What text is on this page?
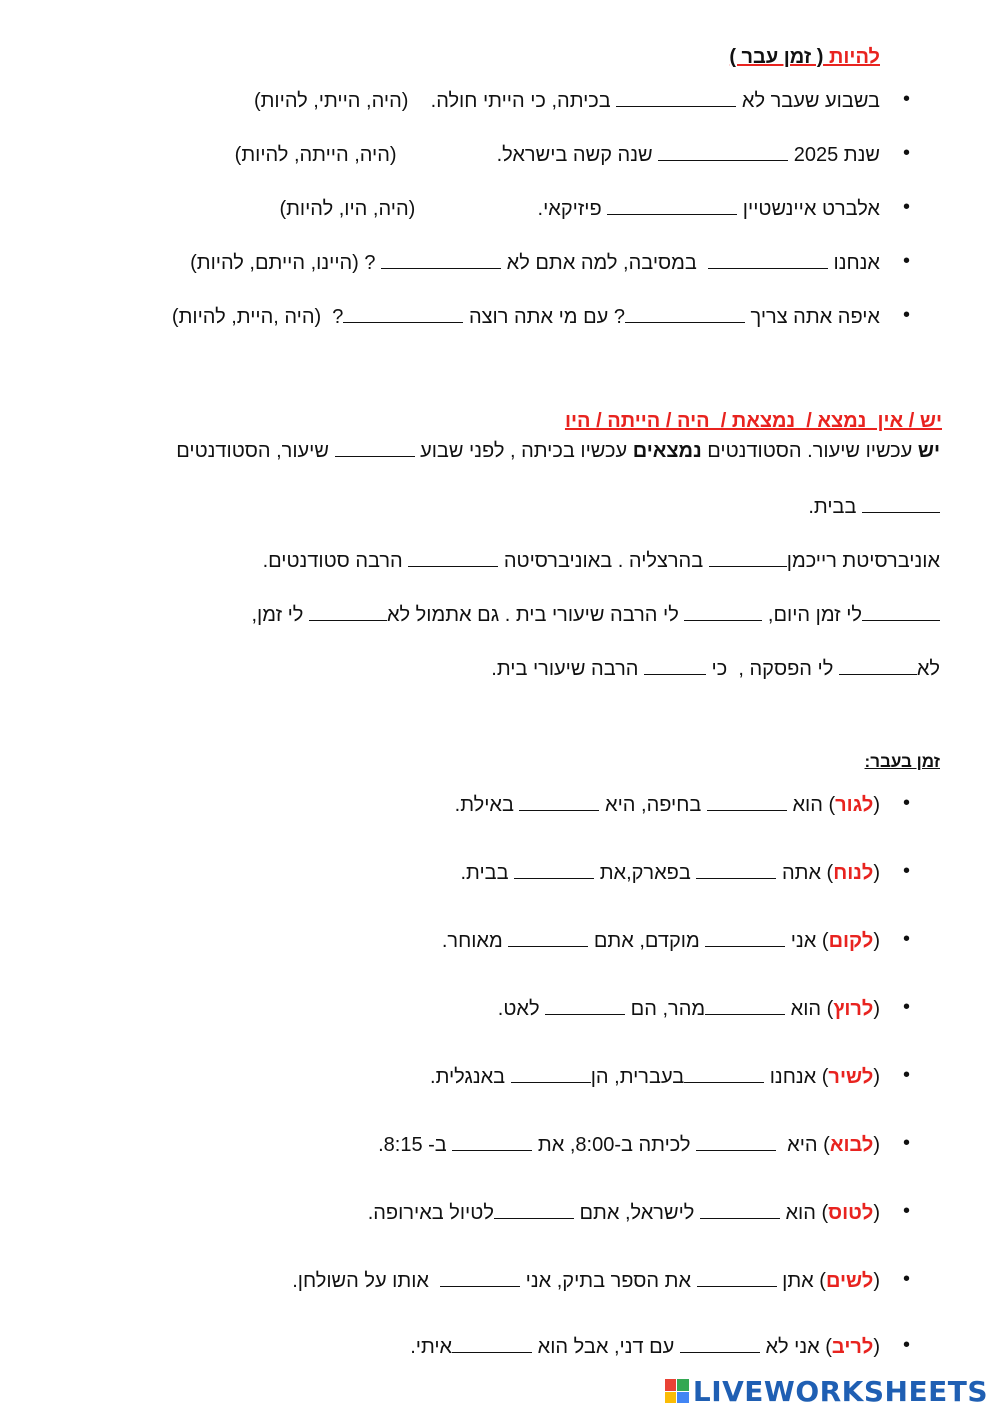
להיות ( זמן עבר )
•
בשבוע שעבר לא  בכיתה, כי הייתי חולה.    (היה, הייתי, להיות)
•
שנת 2025  שנה קשה בישראל.                  (היה, הייתה, להיות)
•
אלברט איינשטיין  פיזיקאי.                      (היה, היו, להיות)
•
אנחנו   במסיבה, למה אתם לא  ? (היינו, הייתם, להיות)
•
איפה אתה צריך ? עם מי אתה רוצה ?  (היה ,היית, להיות)
יש / אין  נמצא /  נמצאת /  היה / הייתה / היו
יש עכשיו שיעור. הסטודנטים נמצאים עכשיו בכיתה , לפני שבוע  שיעור, הסטודנטים
בבית.
אוניברסיטת רייכמן בהרצליה . באוניברסיטה  הרבה סטודנטים.
לי זמן היום,  לי הרבה שיעורי בית . גם אתמול לא לי זמן,
לא לי הפסקה ,  כי  הרבה שיעורי בית.
זמן בעבר:
•
(לגור) הוא  בחיפה, היא  באילת.
•
(לנוח) אתה  בפארק,את  בבית.
•
(לקום) אני  מוקדם, אתם  מאוחר.
•
(לרוץ) הוא מהר, הם  לאט.
•
(לשיר) אנחנו בעברית, הן באנגלית.
•
(לבוא) היא   לכיתה ב-8:00, את  ב- 8:15.
•
(לטוס) הוא  לישראל, אתם לטיול באירופה.
•
(לשים) אתן  את הספר בתיק, אני   אותו על השולחן.
•
(לריב) אני לא  עם דני, אבל הוא איתי.
LIVEWORKSHEETS
